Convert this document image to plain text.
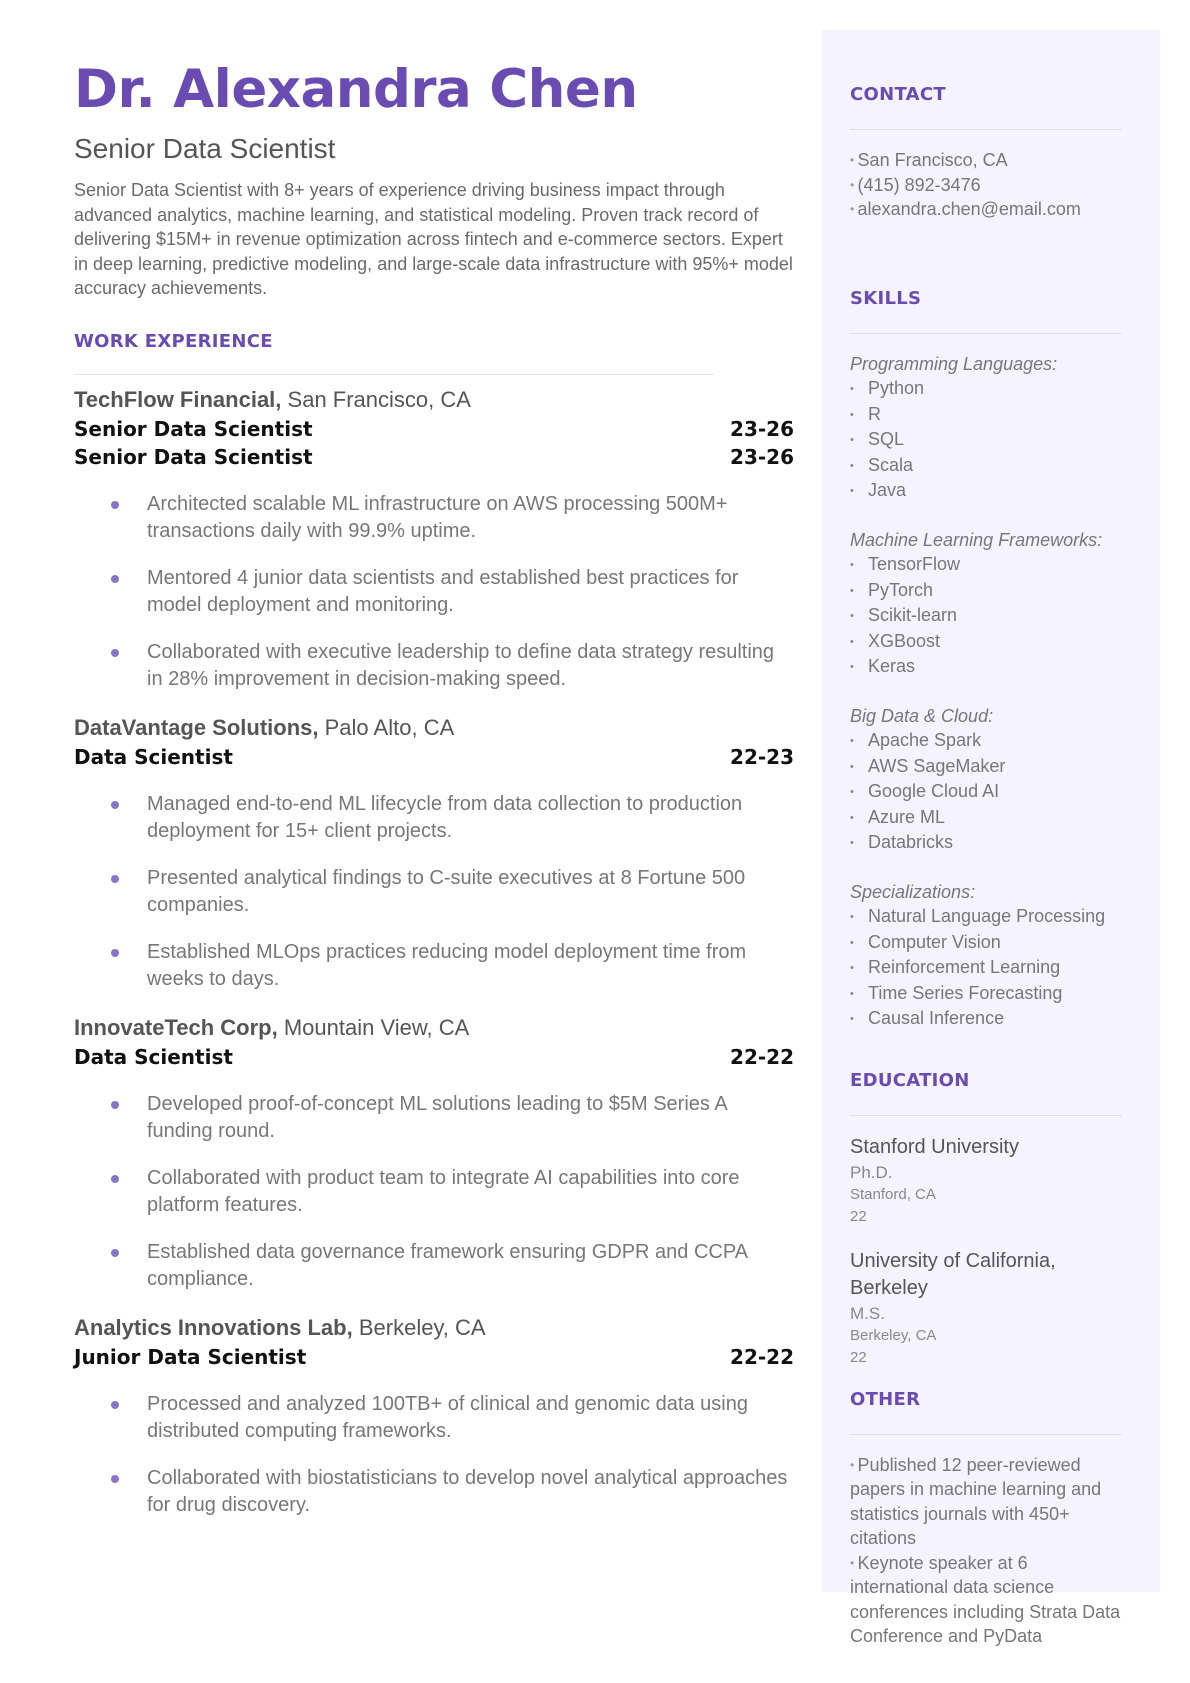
Dr. Alexandra Chen
Senior Data Scientist
Senior Data Scientist with 8+ years of experience driving business impact through advanced analytics, machine learning, and statistical modeling. Proven track record of delivering $15M+ in revenue optimization across fintech and e-commerce sectors. Expert in deep learning, predictive modeling, and large-scale data infrastructure with 95%+ model accuracy achievements.
WORK EXPERIENCE
TechFlow Financial, San Francisco, CA
Senior Data Scientist	23-26
Senior Data Scientist	23-26
Architected scalable ML infrastructure on AWS processing 500M+ transactions daily with 99.9% uptime.
Mentored 4 junior data scientists and established best practices for model deployment and monitoring.
Collaborated with executive leadership to define data strategy resulting in 28% improvement in decision-making speed.
DataVantage Solutions, Palo Alto, CA
Data Scientist	22-23
Managed end-to-end ML lifecycle from data collection to production deployment for 15+ client projects.
Presented analytical findings to C-suite executives at 8 Fortune 500 companies.
Established MLOps practices reducing model deployment time from weeks to days.
InnovateTech Corp, Mountain View, CA
Data Scientist	22-22
Developed proof-of-concept ML solutions leading to $5M Series A funding round.
Collaborated with product team to integrate AI capabilities into core platform features.
Established data governance framework ensuring GDPR and CCPA compliance.
Analytics Innovations Lab, Berkeley, CA
Junior Data Scientist	22-22
Processed and analyzed 100TB+ of clinical and genomic data using distributed computing frameworks.
Collaborated with biostatisticians to develop novel analytical approaches for drug discovery.
CONTACT
• San Francisco, CA
• (415) 892-3476
• alexandra.chen@email.com
SKILLS
Programming Languages:
• Python
• R
• SQL
• Scala
• Java
Machine Learning Frameworks:
• TensorFlow
• PyTorch
• Scikit-learn
• XGBoost
• Keras
Big Data & Cloud:
• Apache Spark
• AWS SageMaker
• Google Cloud AI
• Azure ML
• Databricks
Specializations:
• Natural Language Processing
• Computer Vision
• Reinforcement Learning
• Time Series Forecasting
• Causal Inference
EDUCATION
Stanford University
Ph.D.
Stanford, CA
22
University of California, Berkeley
M.S.
Berkeley, CA
22
OTHER
• Published 12 peer-reviewed papers in machine learning and statistics journals with 450+ citations
• Keynote speaker at 6 international data science conferences including Strata Data Conference and PyData
